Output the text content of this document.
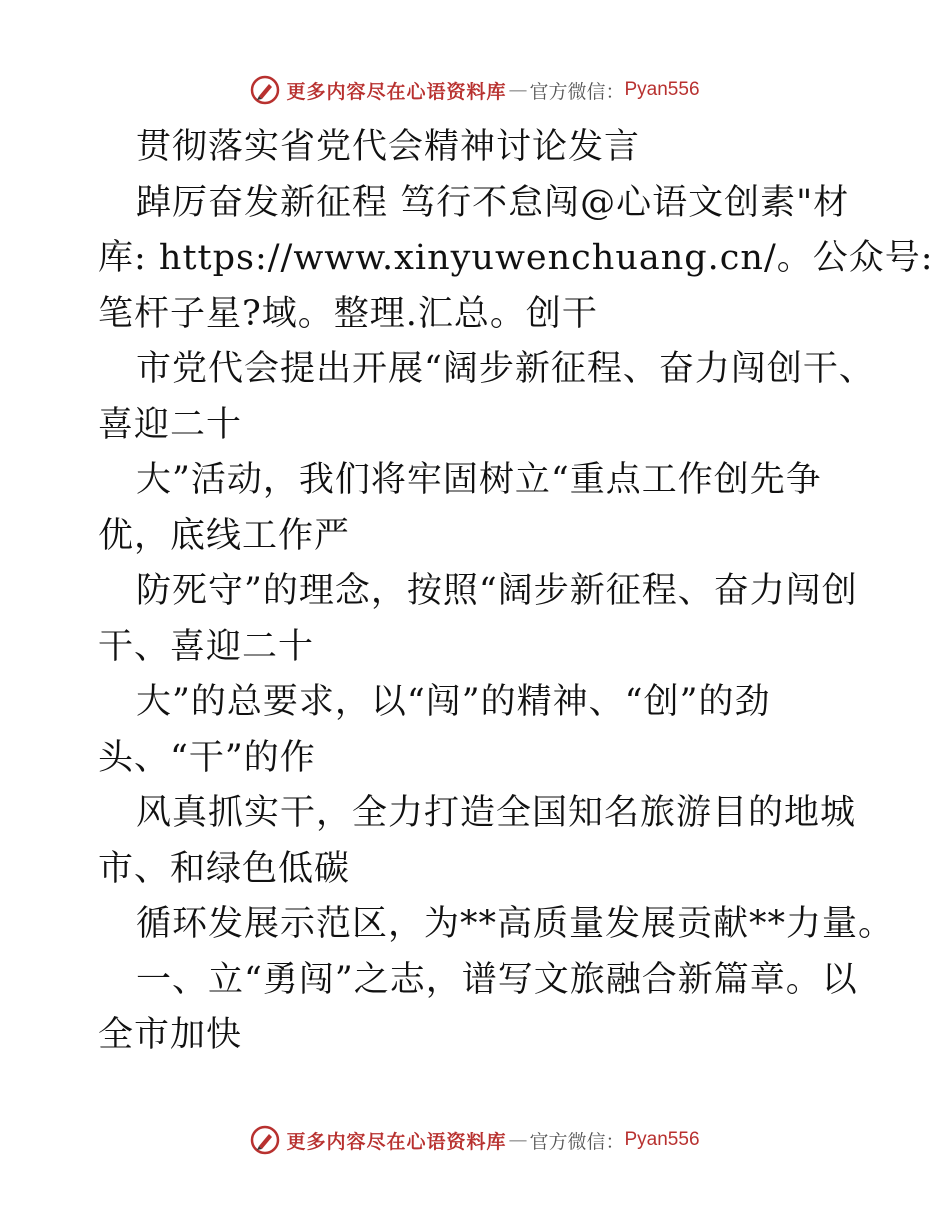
更多内容尽在心语资料库 — 官方微信： Pyan556
贯彻落实省党代会精神讨论发言
踔厉奋发新征程 笃行不怠闯@心语文创素"材
库: https://www.xinyuwenchuang.cn/。公众号:
笔杆子星?域。整理.汇总。创干
市党代会提出开展“阔步新征程、奋力闯创干、
喜迎二十
大”活动，我们将牢固树立“重点工作创先争
优，底线工作严
防死守”的理念，按照“阔步新征程、奋力闯创
干、喜迎二十
大”的总要求，以“闯”的精神、“创”的劲
头、“干”的作
风真抓实干，全力打造全国知名旅游目的地城
市、和绿色低碳
循环发展示范区，为**高质量发展贡献**力量。
一、立“勇闯”之志，谱写文旅融合新篇章。以
全市加快
更多内容尽在心语资料库 — 官方微信： Pyan556
